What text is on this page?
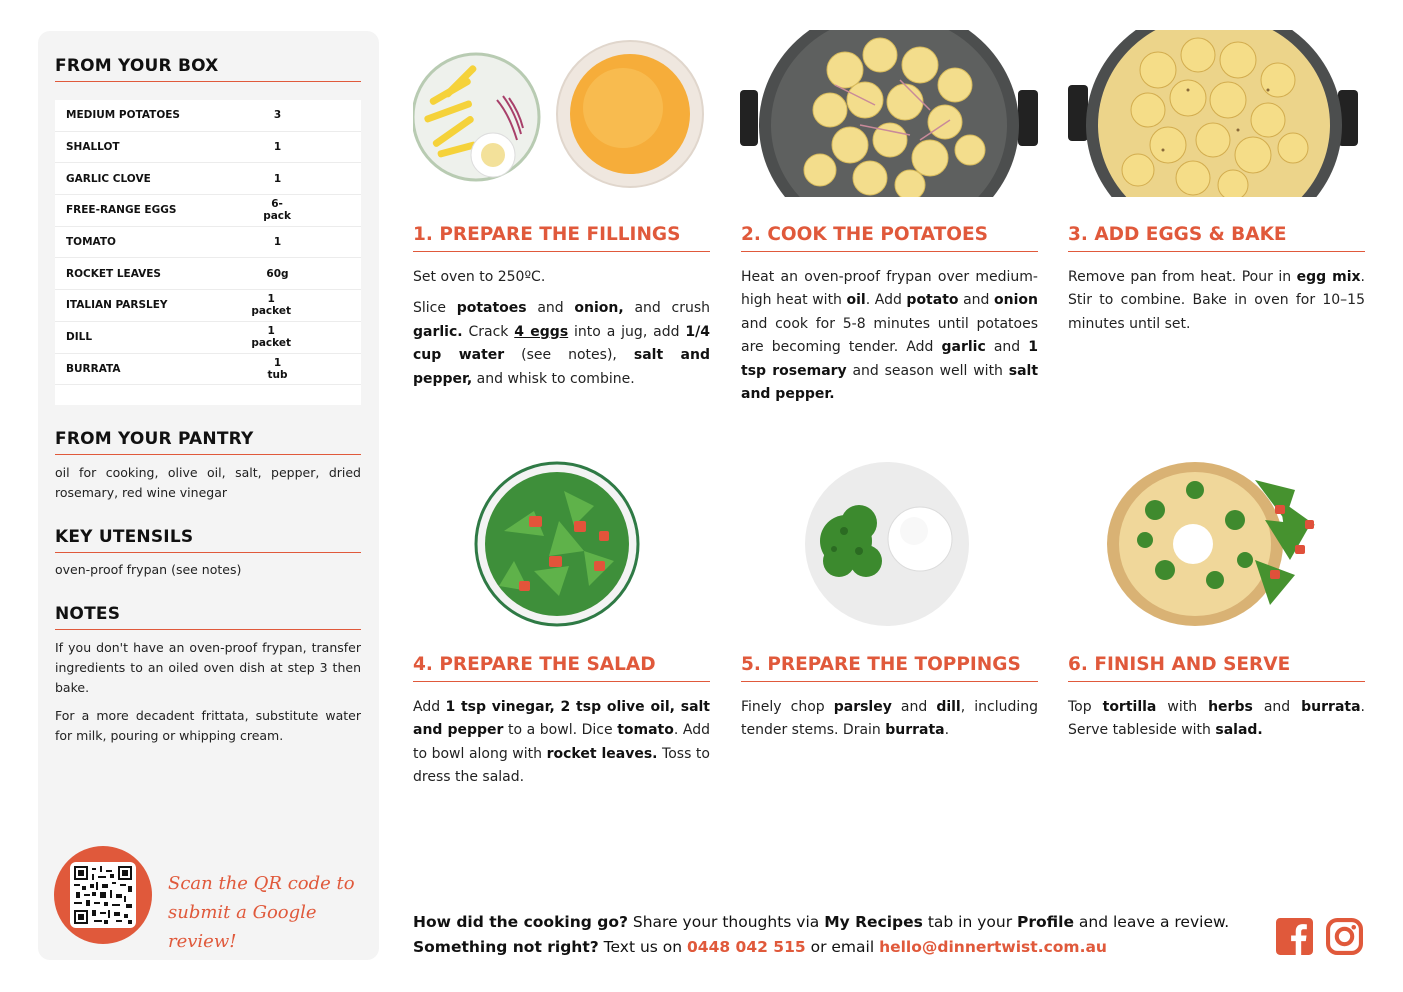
FROM YOUR BOX
MEDIUM POTATOES	3
SHALLOT	1
GARLIC CLOVE	1
FREE-RANGE EGGS	6-pack
TOMATO	1
ROCKET LEAVES	60g
ITALIAN PARSLEY	1 packet
DILL	1 packet
BURRATA	1 tub
FROM YOUR PANTRY
oil for cooking, olive oil, salt, pepper, dried rosemary, red wine vinegar
KEY UTENSILS
oven-proof frypan (see notes)
NOTES
If you don't have an oven-proof frypan, transfer ingredients to an oiled oven dish at step 3 then bake.
For a more decadent frittata, substitute water for milk, pouring or whipping cream.
Scan the QR code to
submit a Google review!
1. PREPARE THE FILLINGS

Set oven to 250ºC.

Slice potatoes and onion, and crush garlic. Crack 4 eggs into a jug, add 1/4 cup water (see notes), salt and pepper, and whisk to combine.

2. COOK THE POTATOES

Heat an oven-proof frypan over medium-high heat with oil. Add potato and onion and cook for 5-8 minutes until potatoes are becoming tender. Add garlic and 1 tsp rosemary and season well with salt and pepper.

3. ADD EGGS & BAKE

Remove pan from heat. Pour in egg mix. Stir to combine. Bake in oven for 10–15 minutes until set.

4. PREPARE THE SALAD

Add 1 tsp vinegar, 2 tsp olive oil, salt and pepper to a bowl. Dice tomato. Add to bowl along with rocket leaves. Toss to dress the salad.

5. PREPARE THE TOPPINGS

Finely chop parsley and dill, including tender stems. Drain burrata.

6. FINISH AND SERVE

Top tortilla with herbs and burrata. Serve tableside with salad.

How did the cooking go? Share your thoughts via My Recipes tab in your Profile and leave a review.
Something not right? Text us on 0448 042 515 or email hello@dinnertwist.com.au
